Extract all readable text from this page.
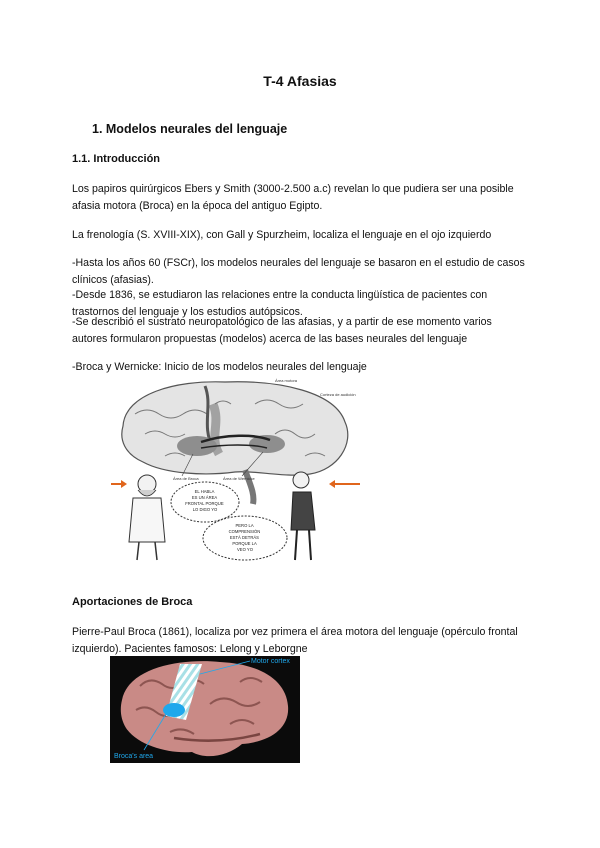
T-4 Afasias
1. Modelos neurales del lenguaje
1.1. Introducción

Los papiros quirúrgicos Ebers y Smith (3000-2.500 a.c) revelan lo que pudiera ser una posible afasia motora (Broca) en la época del antiguo Egipto.

La frenología (S. XVIII-XIX), con Gall y Spurzheim, localiza el lenguaje en el ojo izquierdo

-Hasta los años 60 (FSCr), los modelos neurales del lenguaje se basaron en el estudio de casos clínicos (afasias).

-Desde 1836, se estudiaron las relaciones entre la conducta lingüística de pacientes con trastornos del lenguaje y los estudios autópsicos.

-Se describió el sustrato neuropatológico de las afasias, y a partir de ese momento varios autores formularon propuestas (modelos) acerca de las bases neurales del lenguaje

-Broca y Wernicke: Inicio de los modelos neurales del lenguaje

Área motora
Corteza de audición
Área de Broca	Área de Wernicke
EL HABLA ES UN ÁREA FRONTAL PORQUE LO DIGO YO
PERO LA COMPRENSIÓN ESTÁ DETRÁS PORQUE LA VEO YO
Aportaciones de Broca

Pierre-Paul Broca (1861), localiza por vez primera el área motora del lenguaje (opérculo frontal izquierdo). Pacientes famosos: Lelong y Leborgne

Motor cortex
Broca's area
